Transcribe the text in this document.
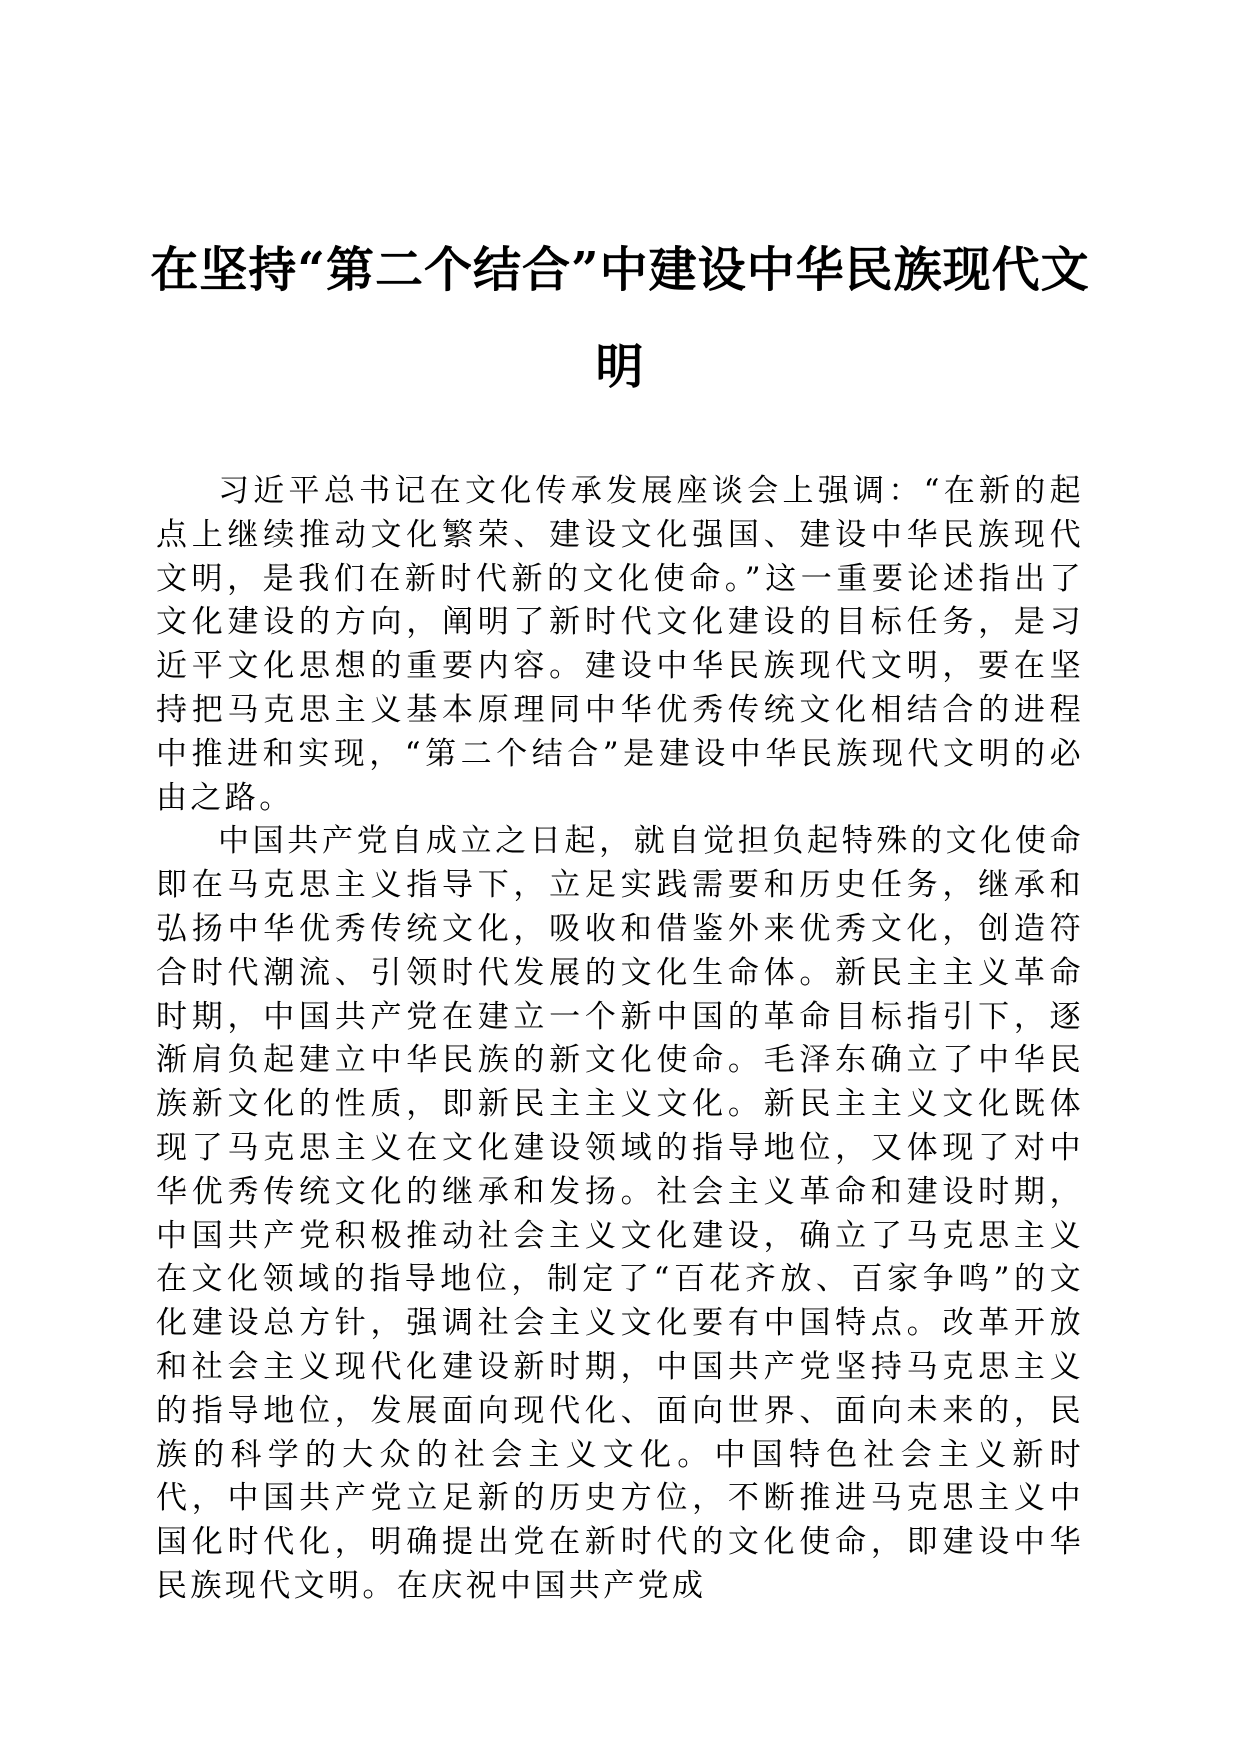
在坚持“第二个结合”中建设中华民族现代文明

习近平总书记在文化传承发展座谈会上强调：“在新的起点上继续推动文化繁荣、建设文化强国、建设中华民族现代文明，是我们在新时代新的文化使命。”这一重要论述指出了文化建设的方向，阐明了新时代文化建设的目标任务，是习近平文化思想的重要内容。建设中华民族现代文明，要在坚持把马克思主义基本原理同中华优秀传统文化相结合的进程中推进和实现，“第二个结合”是建设中华民族现代文明的必由之路。

中国共产党自成立之日起，就自觉担负起特殊的文化使命即在马克思主义指导下，立足实践需要和历史任务，继承和弘扬中华优秀传统文化，吸收和借鉴外来优秀文化，创造符合时代潮流、引领时代发展的文化生命体。新民主主义革命时期，中国共产党在建立一个新中国的革命目标指引下，逐渐肩负起建立中华民族的新文化使命。毛泽东确立了中华民族新文化的性质，即新民主主义文化。新民主主义文化既体现了马克思主义在文化建设领域的指导地位，又体现了对中华优秀传统文化的继承和发扬。社会主义革命和建设时期，中国共产党积极推动社会主义文化建设，确立了马克思主义在文化领域的指导地位，制定了“百花齐放、百家争鸣”的文化建设总方针，强调社会主义文化要有中国特点。改革开放和社会主义现代化建设新时期，中国共产党坚持马克思主义的指导地位，发展面向现代化、面向世界、面向未来的，民族的科学的大众的社会主义文化。中国特色社会主义新时代，中国共产党立足新的历史方位，不断推进马克思主义中国化时代化，明确提出党在新时代的文化使命，即建设中华民族现代文明。在庆祝中国共产党成
